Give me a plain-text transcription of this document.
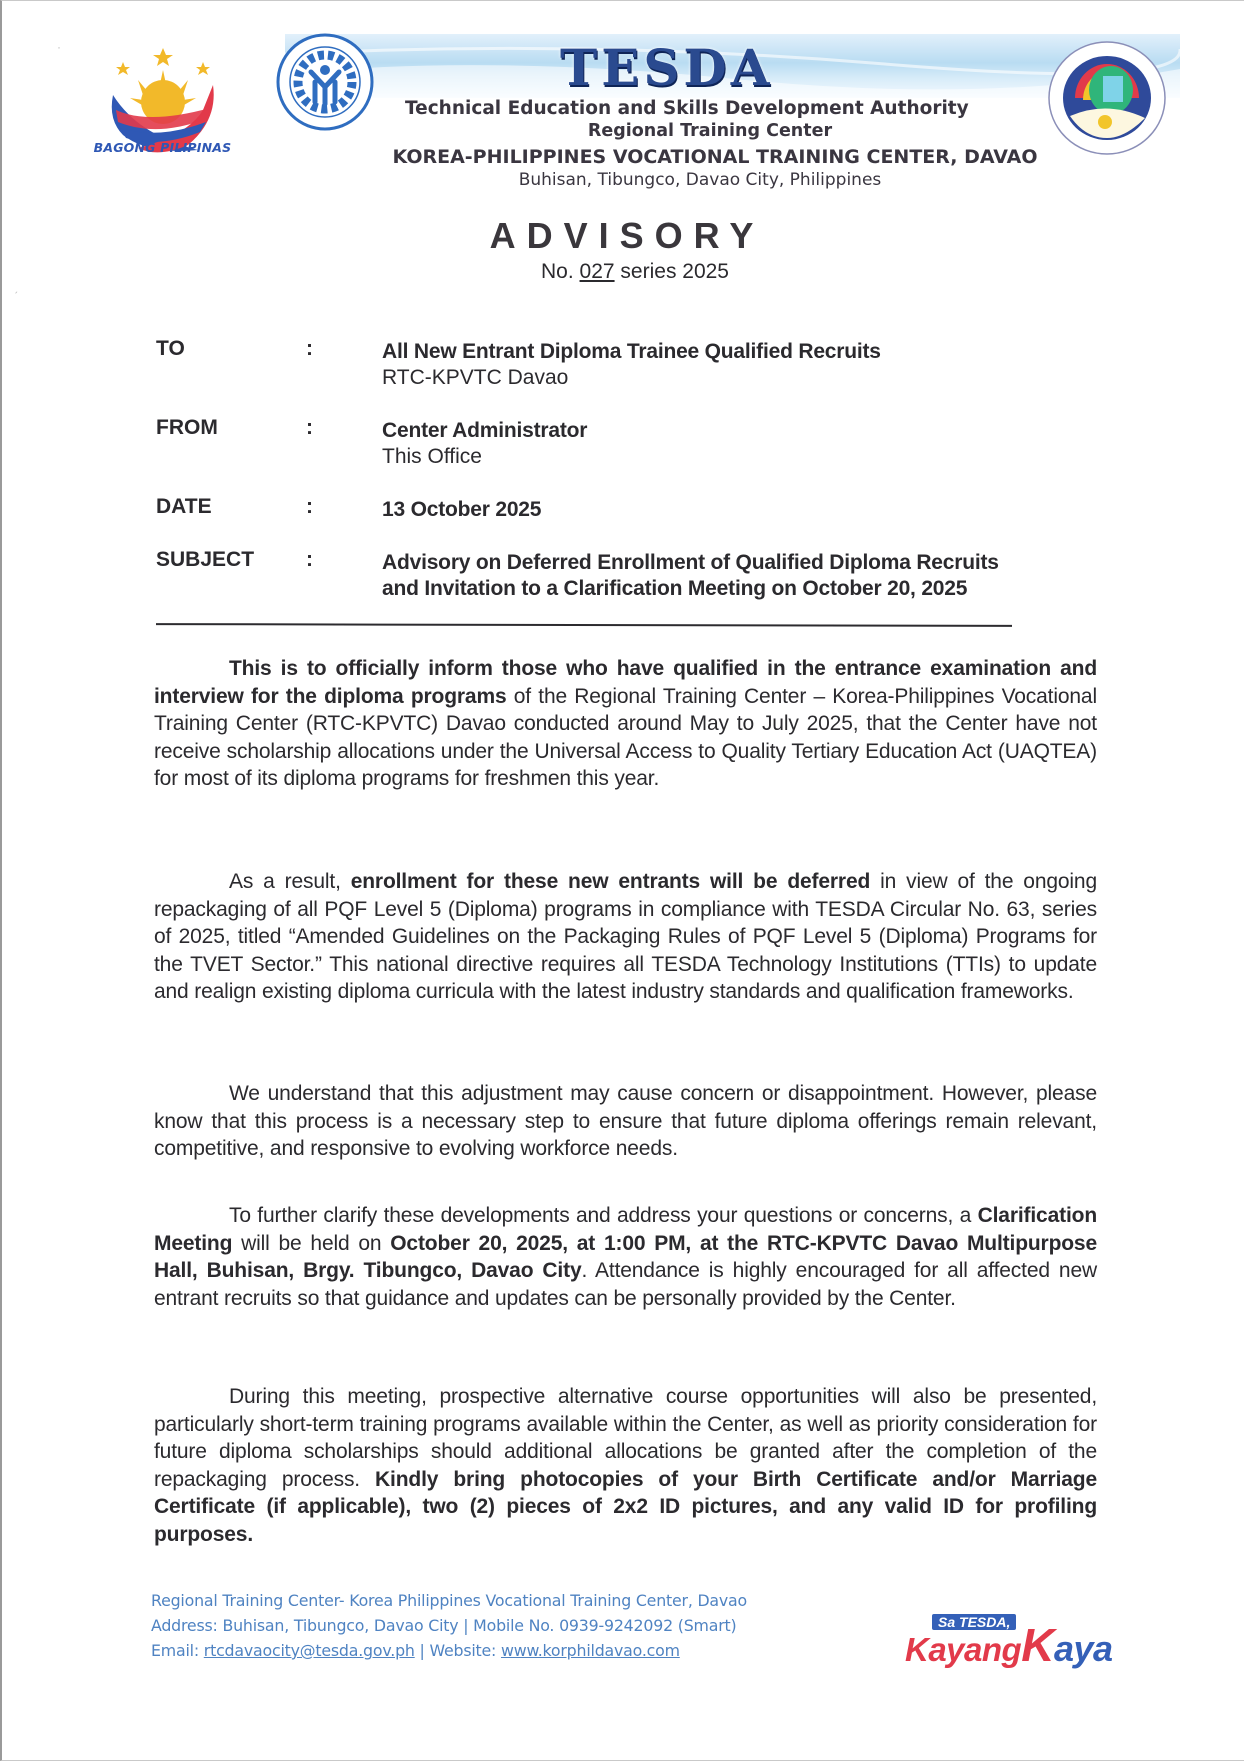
·
ˏ
BAGONG PILIPINAS
TESDA
Technical Education and Skills Development Authority
Regional Training Center
KOREA-PHILIPPINES VOCATIONAL TRAINING CENTER, DAVAO
Buhisan, Tibungco, Davao City, Philippines
ADVISORY
No. 027 series 2025
TO	:	All New Entrant Diploma Trainee Qualified Recruits
RTC-KPVTC Davao
FROM	:	Center Administrator
This Office
DATE	:	13 October 2025
SUBJECT :	Advisory on Deferred Enrollment of Qualified Diploma Recruits
and Invitation to a Clarification Meeting on October 20, 2025
This is to officially inform those who have qualified in the entrance examination and interview for the diploma programs of the Regional Training Center – Korea-Philippines Vocational Training Center (RTC-KPVTC) Davao conducted around May to July 2025, that the Center have not receive scholarship allocations under the Universal Access to Quality Tertiary Education Act (UAQTEA) for most of its diploma programs for freshmen this year.
As a result, enrollment for these new entrants will be deferred in view of the ongoing repackaging of all PQF Level 5 (Diploma) programs in compliance with TESDA Circular No. 63, series of 2025, titled “Amended Guidelines on the Packaging Rules of PQF Level 5 (Diploma) Programs for the TVET Sector.” This national directive requires all TESDA Technology Institutions (TTIs) to update and realign existing diploma curricula with the latest industry standards and qualification frameworks.
We understand that this adjustment may cause concern or disappointment. However, please know that this process is a necessary step to ensure that future diploma offerings remain relevant, competitive, and responsive to evolving workforce needs.
To further clarify these developments and address your questions or concerns, a Clarification Meeting will be held on October 20, 2025, at 1:00 PM, at the RTC-KPVTC Davao Multipurpose Hall, Buhisan, Brgy. Tibungco, Davao City. Attendance is highly encouraged for all affected new entrant recruits so that guidance and updates can be personally provided by the Center.
During this meeting, prospective alternative course opportunities will also be presented, particularly short-term training programs available within the Center, as well as priority consideration for future diploma scholarships should additional allocations be granted after the completion of the repackaging process. Kindly bring photocopies of your Birth Certificate and/or Marriage Certificate (if applicable), two (2) pieces of 2x2 ID pictures, and any valid ID for profiling purposes.
Regional Training Center- Korea Philippines Vocational Training Center, Davao
Address: Buhisan, Tibungco, Davao City | Mobile No. 0939-9242092 (Smart)
Email: rtcdavaocity@tesda.gov.ph | Website: www.korphildavao.com
Sa TESDA,
KayangKaya
